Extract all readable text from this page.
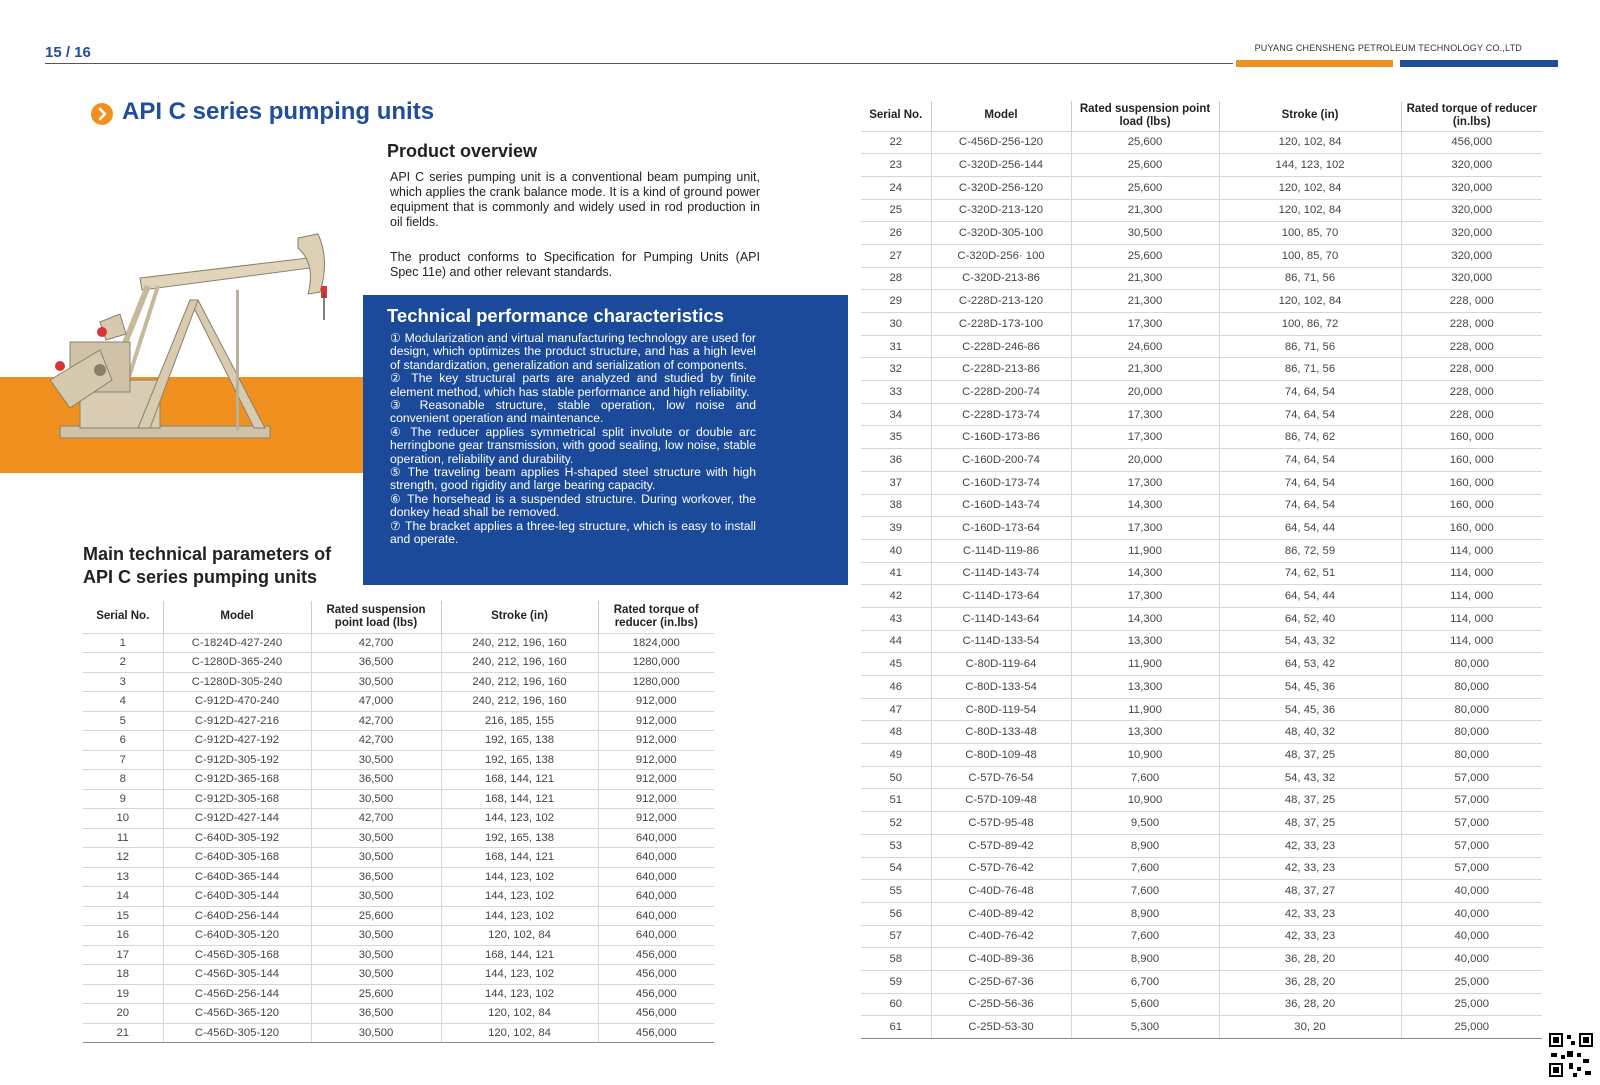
15 / 16	PUYANG CHENSHENG PETROLEUM TECHNOLOGY CO.,LTD
API C series pumping units
Product overview
API C series pumping unit is a conventional beam pumping unit, which applies the crank balance mode. It is a kind of ground power equipment that is commonly and widely used in rod production in oil fields.
The product conforms to Specification for Pumping Units (API Spec 11e) and other relevant standards.
Technical performance characteristics
① Modularization and virtual manufacturing technology are used for design, which optimizes the product structure, and has a high level of standardization, generalization and serialization of components.
② The key structural parts are analyzed and studied by finite element method, which has stable performance and high reliability.
③ Reasonable structure, stable operation, low noise and convenient operation and maintenance.
④ The reducer applies symmetrical split involute or double arc herringbone gear transmission, with good sealing, low noise, stable operation, reliability and durability.
⑤ The traveling beam applies H-shaped steel structure with high strength, good rigidity and large bearing capacity.
⑥ The horsehead is a suspended structure. During workover, the donkey head shall be removed.
⑦ The bracket applies a three-leg structure, which is easy to install and operate.
Main technical parameters of
API C series pumping units
Serial No.	Model	Rated suspension point load (lbs)	Stroke (in)	Rated torque of reducer (in.lbs)
1	C-1824D-427-240	42,700	240, 212, 196, 160	1824,000
2	C-1280D-365-240	36,500	240, 212, 196, 160	1280,000
3	C-1280D-305-240	30,500	240, 212, 196, 160	1280,000
4	C-912D-470-240	47,000	240, 212, 196, 160	912,000
5	C-912D-427-216	42,700	216, 185, 155	912,000
6	C-912D-427-192	42,700	192, 165, 138	912,000
7	C-912D-305-192	30,500	192, 165, 138	912,000
8	C-912D-365-168	36,500	168, 144, 121	912,000
9	C-912D-305-168	30,500	168, 144, 121	912,000
10	C-912D-427-144	42,700	144, 123, 102	912,000
11	C-640D-305-192	30,500	192, 165, 138	640,000
12	C-640D-305-168	30,500	168, 144, 121	640,000
13	C-640D-365-144	36,500	144, 123, 102	640,000
14	C-640D-305-144	30,500	144, 123, 102	640,000
15	C-640D-256-144	25,600	144, 123, 102	640,000
16	C-640D-305-120	30,500	120, 102, 84	640,000
17	C-456D-305-168	30,500	168, 144, 121	456,000
18	C-456D-305-144	30,500	144, 123, 102	456,000
19	C-456D-256-144	25,600	144, 123, 102	456,000
20	C-456D-365-120	36,500	120, 102, 84	456,000
21	C-456D-305-120	30,500	120, 102, 84	456,000
Serial No.	Model	Rated suspension point load (lbs)	Stroke (in)	Rated torque of reducer (in.lbs)
22	C-456D-256-120	25,600	120, 102, 84	456,000
23	C-320D-256-144	25,600	144, 123, 102	320,000
24	C-320D-256-120	25,600	120, 102, 84	320,000
25	C-320D-213-120	21,300	120, 102, 84	320,000
26	C-320D-305-100	30,500	100, 85, 70	320,000
27	C-320D-256· 100	25,600	100, 85, 70	320,000
28	C-320D-213-86	21,300	86, 71, 56	320,000
29	C-228D-213-120	21,300	120, 102, 84	228, 000
30	C-228D-173-100	17,300	100, 86, 72	228, 000
31	C-228D-246-86	24,600	86, 71, 56	228, 000
32	C-228D-213-86	21,300	86, 71, 56	228, 000
33	C-228D-200-74	20,000	74, 64, 54	228, 000
34	C-228D-173-74	17,300	74, 64, 54	228, 000
35	C-160D-173-86	17,300	86, 74, 62	160, 000
36	C-160D-200-74	20,000	74, 64, 54	160, 000
37	C-160D-173-74	17,300	74, 64, 54	160, 000
38	C-160D-143-74	14,300	74, 64, 54	160, 000
39	C-160D-173-64	17,300	64, 54, 44	160, 000
40	C-114D-119-86	11,900	86, 72, 59	114, 000
41	C-114D-143-74	14,300	74, 62, 51	114, 000
42	C-114D-173-64	17,300	64, 54, 44	114, 000
43	C-114D-143-64	14,300	64, 52, 40	114, 000
44	C-114D-133-54	13,300	54, 43, 32	114, 000
45	C-80D-119-64	11,900	64, 53, 42	80,000
46	C-80D-133-54	13,300	54, 45, 36	80,000
47	C-80D-119-54	11,900	54, 45, 36	80,000
48	C-80D-133-48	13,300	48, 40, 32	80,000
49	C-80D-109-48	10,900	48, 37, 25	80,000
50	C-57D-76-54	7,600	54, 43, 32	57,000
51	C-57D-109-48	10,900	48, 37, 25	57,000
52	C-57D-95-48	9,500	48, 37, 25	57,000
53	C-57D-89-42	8,900	42, 33, 23	57,000
54	C-57D-76-42	7,600	42, 33, 23	57,000
55	C-40D-76-48	7,600	48, 37, 27	40,000
56	C-40D-89-42	8,900	42, 33, 23	40,000
57	C-40D-76-42	7,600	42, 33, 23	40,000
58	C-40D-89-36	8,900	36, 28, 20	40,000
59	C-25D-67-36	6,700	36, 28, 20	25,000
60	C-25D-56-36	5,600	36, 28, 20	25,000
61	C-25D-53-30	5,300	30, 20	25,000
